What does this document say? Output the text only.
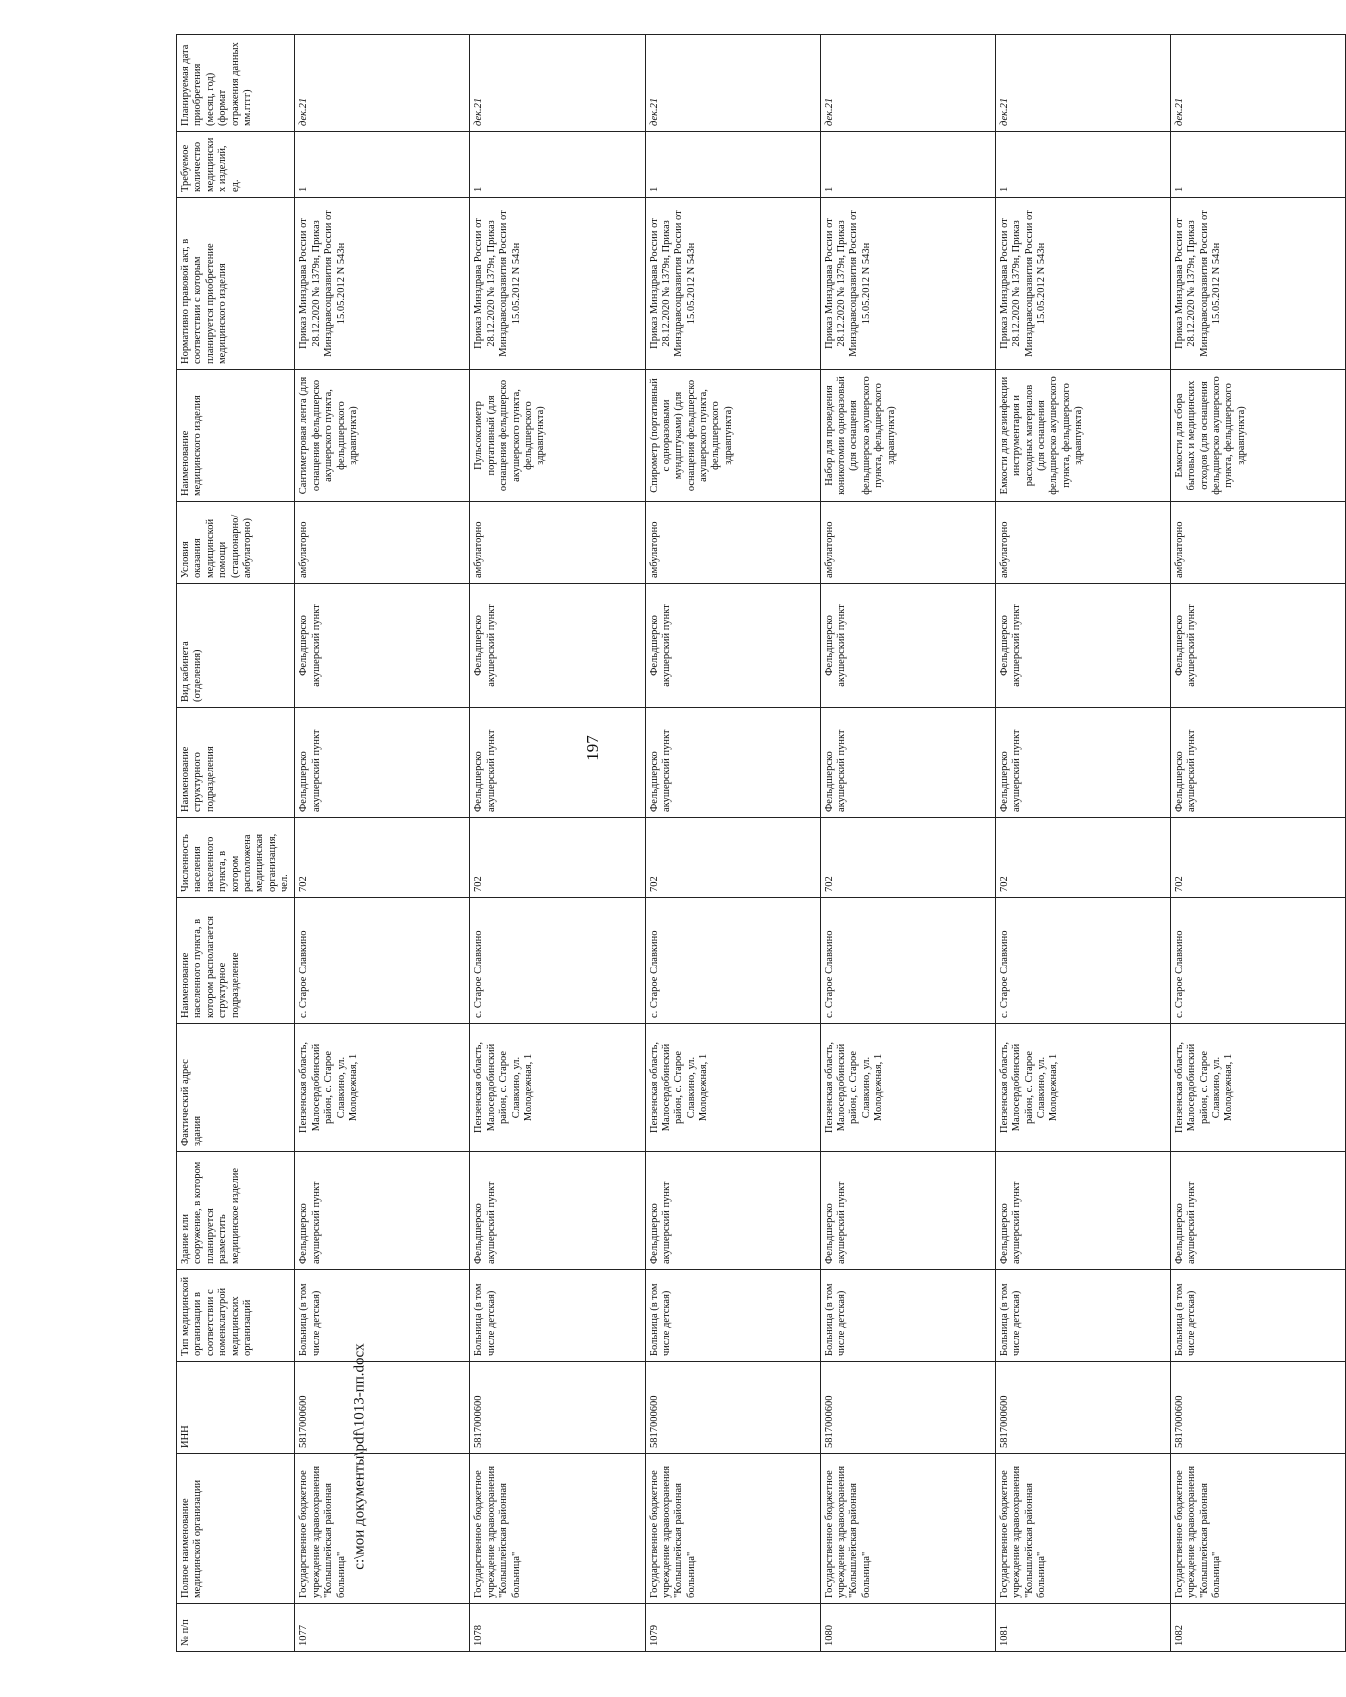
197
№ п/п	Полное наименование медицинской организации	ИНН	Тип медицинской организации в соответствии с номенклатурой медицинских организаций	Здание или сооружение, в котором планируется разместить медицинское изделие	Фактический адрес здания	Наименование населенного пункта, в котором располагается структурное подразделение	Численность населения населенного пункта, в котором расположена медицинская организация, чел.	Наименование структурного подразделения	Вид кабинета (отделения)	Условия оказания медицинской помощи (стационарно/ амбулаторно)	Наименование медицинского изделия	Нормативно правовой акт, в соответствии с которым планируется приобретение медицинского изделия	Требуемое количество медицинских изделий, ед.	Планируемая дата приобретения (месяц, год) (формат отражения данных мм.гггг)
1077	Государственное бюджетное учреждение здравоохранения "Колышлейская районная больница"	5817000600	Больница (в том числе детская)	Фельдшерско акушерский пункт	Пензенская область, Малосердобинский район, с. Старое Славкино, ул. Молодежная, 1	с. Старое Славкино	702	Фельдшерско акушерский пункт	Фельдшерско акушерский пункт	амбулаторно	Сантиметровая лента (для оснащения фельдшерско акушерского пункта, фельдшерского здравпункта)	Приказ Минздрава России от 28.12.2020 № 1379н, Приказ Минздравсоцразвития России от 15.05.2012 N 543н	1	дек.21
1078	Государственное бюджетное учреждение здравоохранения "Колышлейская районная больница"	5817000600	Больница (в том числе детская)	Фельдшерско акушерский пункт	Пензенская область, Малосердобинский район, с. Старое Славкино, ул. Молодежная, 1	с. Старое Славкино	702	Фельдшерско акушерский пункт	Фельдшерско акушерский пункт	амбулаторно	Пульсоксиметр портативный (для оснащения фельдшерско акушерского пункта, фельдшерского здравпункта)	Приказ Минздрава России от 28.12.2020 № 1379н, Приказ Минздравсоцразвития России от 15.05.2012 N 543н	1	дек.21
1079	Государственное бюджетное учреждение здравоохранения "Колышлейская районная больница"	5817000600	Больница (в том числе детская)	Фельдшерско акушерский пункт	Пензенская область, Малосердобинский район, с. Старое Славкино, ул. Молодежная, 1	с. Старое Славкино	702	Фельдшерско акушерский пункт	Фельдшерско акушерский пункт	амбулаторно	Спирометр (портативный с одноразовыми мундштуками) (для оснащения фельдшерско акушерского пункта, фельдшерского здравпункта)	Приказ Минздрава России от 28.12.2020 № 1379н, Приказ Минздравсоцразвития России от 15.05.2012 N 543н	1	дек.21
1080	Государственное бюджетное учреждение здравоохранения "Колышлейская районная больница"	5817000600	Больница (в том числе детская)	Фельдшерско акушерский пункт	Пензенская область, Малосердобинский район, с. Старое Славкино, ул. Молодежная, 1	с. Старое Славкино	702	Фельдшерско акушерский пункт	Фельдшерско акушерский пункт	амбулаторно	Набор для проведения коникотомии одноразовый (для оснащения фельдшерско акушерского пункта, фельдшерского здравпункта)	Приказ Минздрава России от 28.12.2020 № 1379н, Приказ Минздравсоцразвития России от 15.05.2012 N 543н	1	дек.21
1081	Государственное бюджетное учреждение здравоохранения "Колышлейская районная больница"	5817000600	Больница (в том числе детская)	Фельдшерско акушерский пункт	Пензенская область, Малосердобинский район, с. Старое Славкино, ул. Молодежная, 1	с. Старое Славкино	702	Фельдшерско акушерский пункт	Фельдшерско акушерский пункт	амбулаторно	Емкости для дезинфекции инструментария и расходных материалов (для оснащения фельдшерско акушерского пункта, фельдшерского здравпункта)	Приказ Минздрава России от 28.12.2020 № 1379н, Приказ Минздравсоцразвития России от 15.05.2012 N 543н	1	дек.21
1082	Государственное бюджетное учреждение здравоохранения "Колышлейская районная больница"	5817000600	Больница (в том числе детская)	Фельдшерско акушерский пункт	Пензенская область, Малосердобинский район, с. Старое Славкино, ул. Молодежная, 1	с. Старое Славкино	702	Фельдшерско акушерский пункт	Фельдшерско акушерский пункт	амбулаторно	Емкости для сбора бытовых и медицинских отходов (для оснащения фельдшерско акушерского пункта, фельдшерского здравпункта)	Приказ Минздрава России от 28.12.2020 № 1379н, Приказ Минздравсоцразвития России от 15.05.2012 N 543н	1	дек.21
c:\мои документы\pdf\1013-пп.docx
